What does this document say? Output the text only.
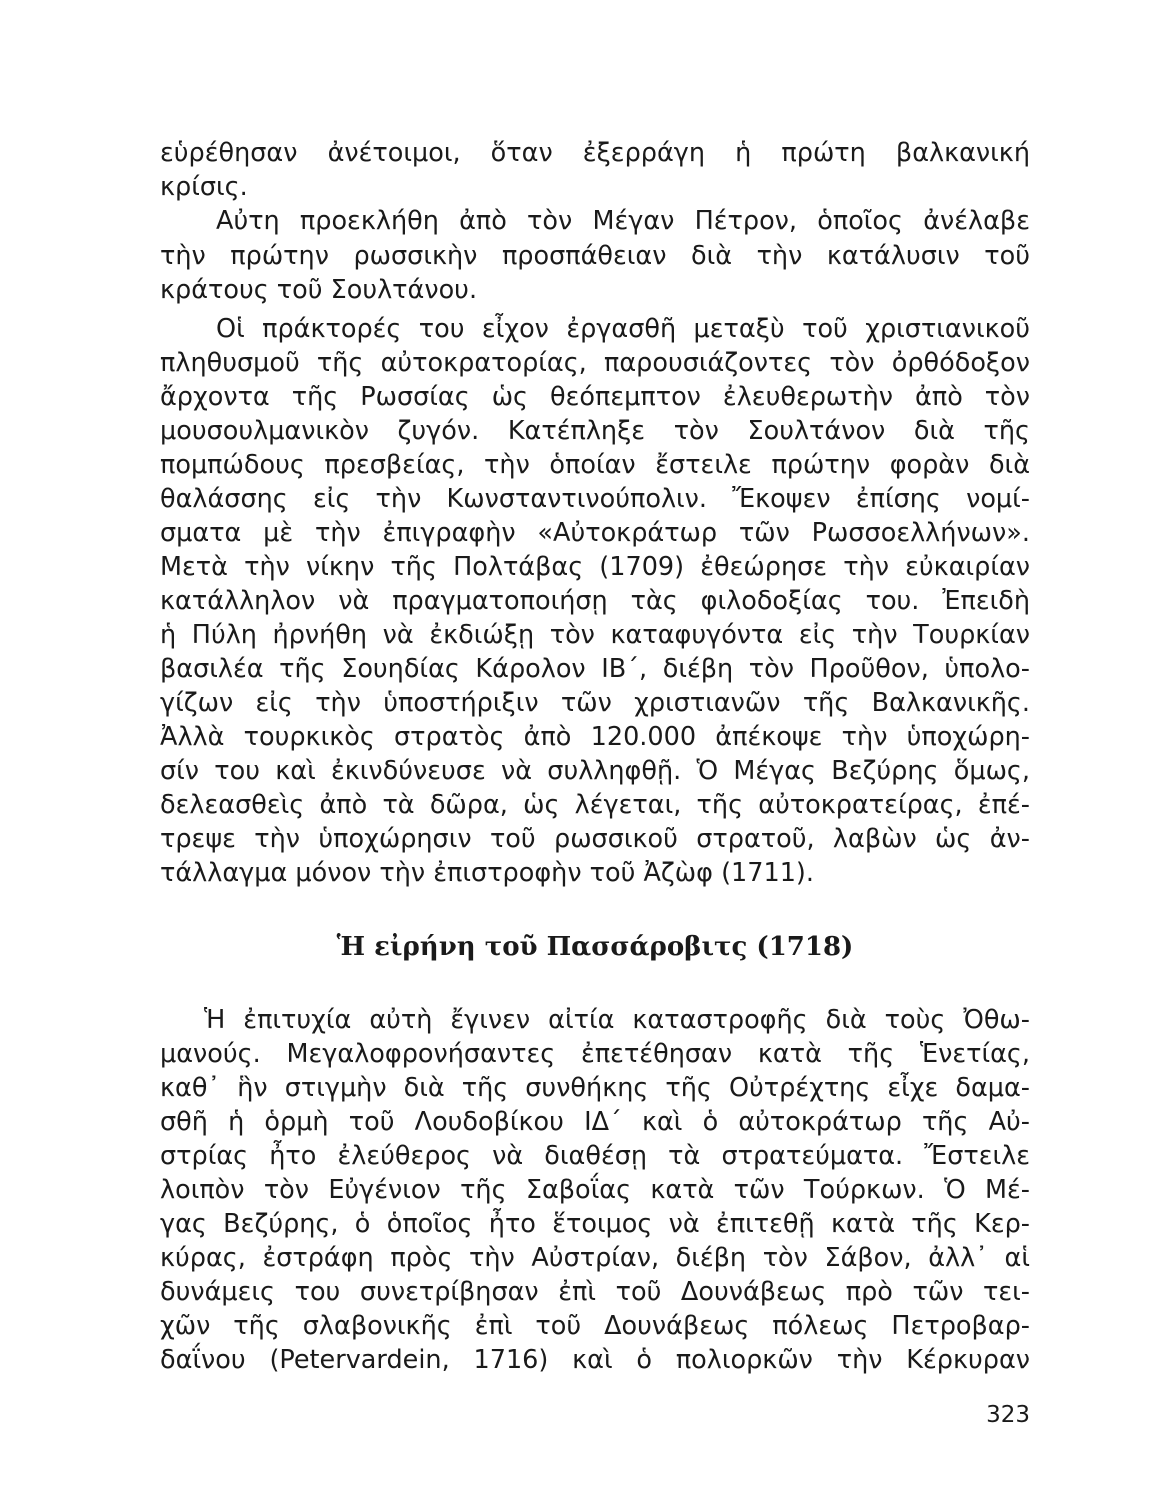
εὑρέθησαν ἀνέτοιμοι, ὅταν ἐξερράγη ἡ πρώτη βαλκανική
κρίσις.
Αὐτη προεκλήθη ἀπὸ τὸν Μέγαν Πέτρον, ὁποῖος ἀνέλαβε
τὴν πρώτην ρωσσικὴν προσπάθειαν διὰ τὴν κατάλυσιν τοῦ
κράτους τοῦ Σουλτάνου.
Οἱ πράκτορές του εἶχον ἐργασθῆ μεταξὺ τοῦ χριστιανικοῦ
πληθυσμοῦ τῆς αὐτοκρατορίας, παρουσιάζοντες τὸν ὀρθόδοξον
ἄρχοντα τῆς Ρωσσίας ὡς θεόπεμπτον ἐλευθερωτὴν ἀπὸ τὸν
μουσουλμανικὸν ζυγόν. Κατέπληξε τὸν Σουλτάνον διὰ τῆς
πομπώδους πρεσβείας, τὴν ὁποίαν ἔστειλε πρώτην φορὰν διὰ
θαλάσσης εἰς τὴν Κωνσταντινούπολιν. Ἔκοψεν ἐπίσης νομί-
σματα μὲ τὴν ἐπιγραφὴν «Αὐτοκράτωρ τῶν Ρωσσοελλήνων».
Μετὰ τὴν νίκην τῆς Πολτάβας (1709) ἐθεώρησε τὴν εὐκαιρίαν
κατάλληλον νὰ πραγματοποιήσῃ τὰς φιλοδοξίας του. Ἐπειδὴ
ἡ Πύλη ἠρνήθη νὰ ἐκδιώξῃ τὸν καταφυγόντα εἰς τὴν Τουρκίαν
βασιλέα τῆς Σουηδίας Κάρολον ΙΒ΄, διέβη τὸν Προῦθον, ὑπολο-
γίζων εἰς τὴν ὑποστήριξιν τῶν χριστιανῶν τῆς Βαλκανικῆς.
Ἀλλὰ τουρκικὸς στρατὸς ἀπὸ 120.000 ἀπέκοψε τὴν ὑποχώρη-
σίν του καὶ ἐκινδύνευσε νὰ συλληφθῇ. Ὁ Μέγας Βεζύρης ὅμως,
δελεασθεὶς ἀπὸ τὰ δῶρα, ὡς λέγεται, τῆς αὐτοκρατείρας, ἐπέ-
τρεψε τὴν ὑποχώρησιν τοῦ ρωσσικοῦ στρατοῦ, λαβὼν ὡς ἀν-
τάλλαγμα μόνον τὴν ἐπιστροφὴν τοῦ Ἀζὼφ (1711).
Ἡ εἰρήνη τοῦ Πασσάροβιτς (1718)
Ἡ ἐπιτυχία αὐτὴ ἔγινεν αἰτία καταστροφῆς διὰ τοὺς Ὀθω-
μανούς. Μεγαλοφρονήσαντες ἐπετέθησαν κατὰ τῆς Ἑνετίας,
καθ᾽ ἣν στιγμὴν διὰ τῆς συνθήκης τῆς Οὐτρέχτης εἶχε δαμα-
σθῆ ἡ ὁρμὴ τοῦ Λουδοβίκου ΙΔ΄ καὶ ὁ αὐτοκράτωρ τῆς Αὐ-
στρίας ἦτο ἐλεύθερος νὰ διαθέσῃ τὰ στρατεύματα. Ἔστειλε
λοιπὸν τὸν Εὐγένιον τῆς Σαβοΐας κατὰ τῶν Τούρκων. Ὁ Μέ-
γας Βεζύρης, ὁ ὁποῖος ἦτο ἕτοιμος νὰ ἐπιτεθῇ κατὰ τῆς Κερ-
κύρας, ἐστράφη πρὸς τὴν Αὐστρίαν, διέβη τὸν Σάβον, ἀλλ᾽ αἱ
δυνάμεις του συνετρίβησαν ἐπὶ τοῦ Δουνάβεως πρὸ τῶν τει-
χῶν τῆς σλαβονικῆς ἐπὶ τοῦ Δουνάβεως πόλεως Πετροβαρ-
δαΐνου (Petervardein, 1716) καὶ ὁ πολιορκῶν τὴν Κέρκυραν
323
